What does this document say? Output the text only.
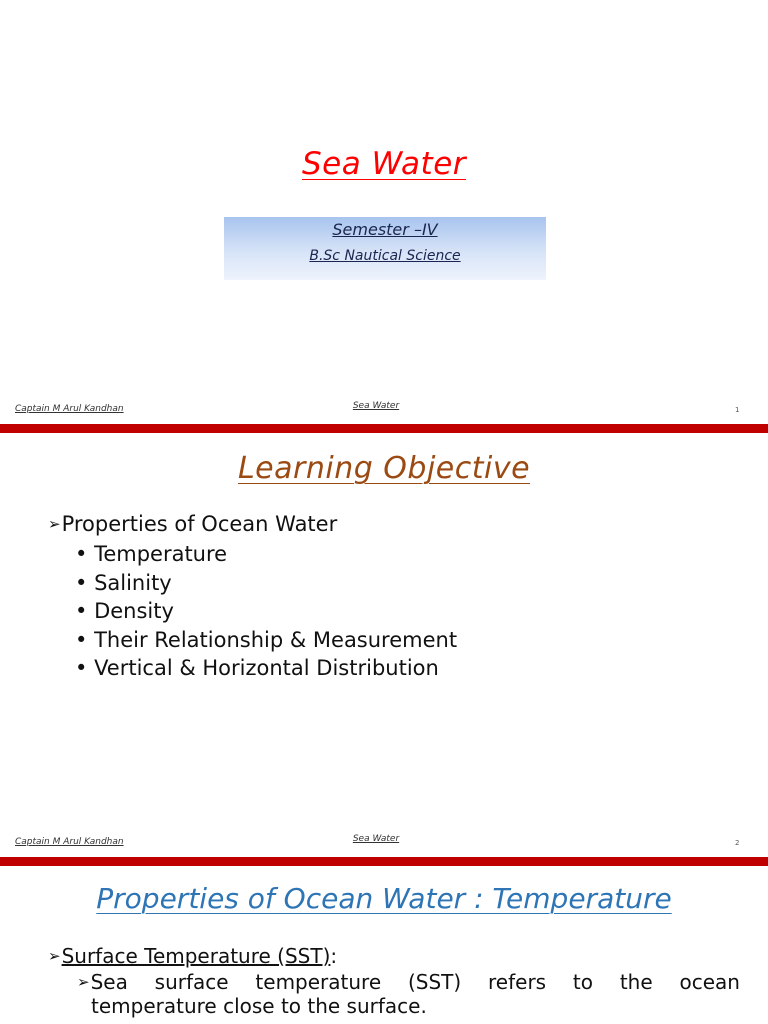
Sea Water
Semester –IV
B.Sc Nautical Science
Captain M Arul Kandhan	Sea Water	1
Learning Objective
➢Properties of Ocean Water
• Temperature
• Salinity
• Density
• Their Relationship & Measurement
• Vertical & Horizontal Distribution
Captain M Arul Kandhan	Sea Water	2
Properties of Ocean Water : Temperature
➢Surface Temperature (SST):
➢Sea surface temperature (SST) refers to the ocean
temperature close to the surface.
